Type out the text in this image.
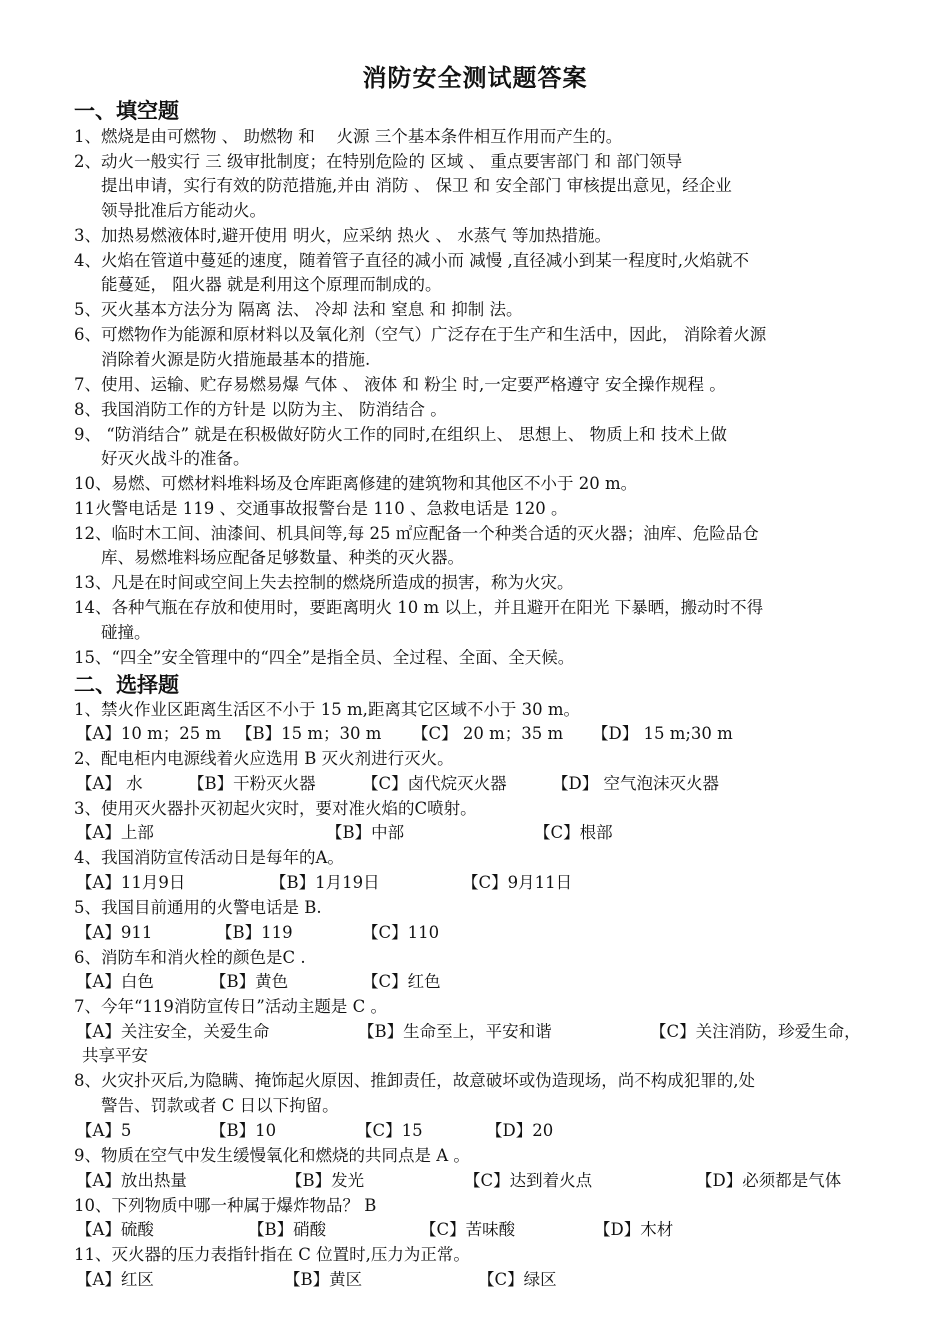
消防安全测试题答案
一、填空题
1、燃烧是由可燃物 、 助燃物 和　 火源 三个基本条件相互作用而产生的。
2、动火一般实行 三 级审批制度；在特别危险的 区域 、 重点要害部门 和 部门领导
提出申请，实行有效的防范措施,并由 消防 、 保卫 和 安全部门 审核提出意见，经企业
领导批准后方能动火。
3、加热易燃液体时,避开使用 明火，应采纳 热火 、 水蒸气 等加热措施。
4、火焰在管道中蔓延的速度，随着管子直径的减小而 减慢 ,直径减小到某一程度时,火焰就不
能蔓延， 阻火器 就是利用这个原理而制成的。
5、灭火基本方法分为 隔离 法、 冷却 法和 窒息 和 抑制 法。
6、可燃物作为能源和原材料以及氧化剂（空气）广泛存在于生产和生活中，因此， 消除着火源
消除着火源是防火措施最基本的措施.
7、使用、运输、贮存易燃易爆 气体 、 液体 和 粉尘 时,一定要严格遵守 安全操作规程 。
8、我国消防工作的方针是 以防为主、 防消结合 。
9、 “防消结合” 就是在积极做好防火工作的同时,在组织上、 思想上、 物质上和 技术上做
好灭火战斗的准备。
10、易燃、可燃材料堆料场及仓库距离修建的建筑物和其他区不小于 20 m。
11火警电话是 119 、交通事故报警台是 110 、急救电话是 120 。
12、临时木工间、油漆间、机具间等,每 25 ㎡应配备一个种类合适的灭火器；油库、危险品仓
库、易燃堆料场应配备足够数量、种类的灭火器。
13、凡是在时间或空间上失去控制的燃烧所造成的损害，称为火灾。
14、各种气瓶在存放和使用时，要距离明火 10 m 以上，并且避开在阳光 下暴晒，搬动时不得
碰撞。
15、“四全”安全管理中的“四全”是指全员、全过程、全面、全天候。
二、选择题
1、禁火作业区距离生活区不小于 15 m,距离其它区域不小于 30 m。
【A】10 m；25 m 【B】15 m；30 m 【C】 20 m；35 m 【D】 15 m;30 m
2、配电柜内电源线着火应选用 B 灭火剂进行灭火。
【A】 水	【B】干粉灭火器	【C】卤代烷灭火器	【D】 空气泡沫灭火器
3、使用灭火器扑灭初起火灾时，要对准火焰的C喷射。
【A】上部	【B】中部	【C】根部
4、我国消防宣传活动日是每年的A。
【A】11月9日	【B】1月19日	【C】9月11日
5、我国目前通用的火警电话是 B.
【A】911	【B】119	【C】110
6、消防车和消火栓的颜色是C .
【A】白色	【B】黄色	【C】红色
7、今年“119消防宣传日”活动主题是 C 。
【A】关注安全，关爱生命	【B】生命至上，平安和谐	【C】关注消防，珍爱生命，
共享平安
8、火灾扑灭后,为隐瞒、掩饰起火原因、推卸责任，故意破坏或伪造现场，尚不构成犯罪的,处
警告、罚款或者 C 日以下拘留。
【A】5	【B】10	【C】15	【D】20
9、物质在空气中发生缓慢氧化和燃烧的共同点是 A 。
【A】放出热量	【B】发光	【C】达到着火点	【D】必须都是气体
10、下列物质中哪一种属于爆炸物品？ B
【A】硫酸	【B】硝酸	【C】苦味酸	【D】木材
11、灭火器的压力表指针指在 C 位置时,压力为正常。
【A】红区	【B】黄区	【C】绿区
